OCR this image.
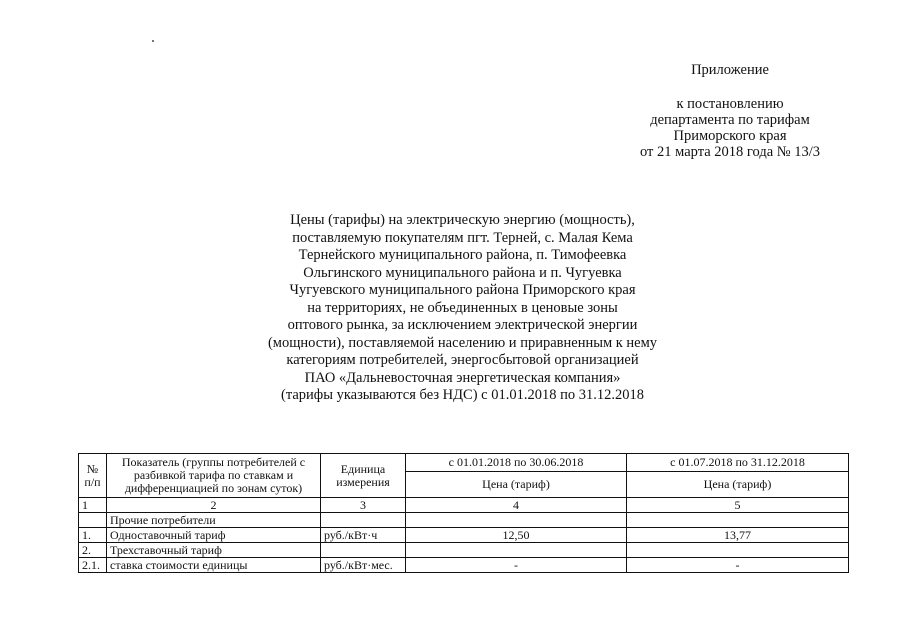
Приложение
к постановлению
департамента по тарифам
Приморского края
от 21 марта 2018 года № 13/3
Цены (тарифы) на электрическую энергию (мощность),
поставляемую покупателям пгт. Терней, с. Малая Кема
Тернейского муниципального района, п. Тимофеевка
Ольгинского муниципального района и п. Чугуевка
Чугуевского муниципального района Приморского края
на территориях, не объединенных в ценовые зоны
оптового рынка, за исключением электрической энергии
(мощности), поставляемой населению и приравненным к нему
категориям потребителей, энергосбытовой организацией
ПАО «Дальневосточная энергетическая компания»
(тарифы указываются без НДС) с 01.01.2018 по 31.12.2018
№ п/п	Показатель (группы потребителей с разбивкой тарифа по ставкам и дифференциацией по зонам суток)	Единица измерения	с 01.01.2018 по 30.06.2018	с 01.07.2018 по 31.12.2018
			Цена (тариф)	Цена (тариф)
1	2	3	4	5
	Прочие потребители			
1.	Одноставочный тариф	руб./кВт·ч	12,50	13,77
2.	Трехставочный тариф			
2.1.	ставка стоимости единицы	руб./кВт·мес.	-	-
